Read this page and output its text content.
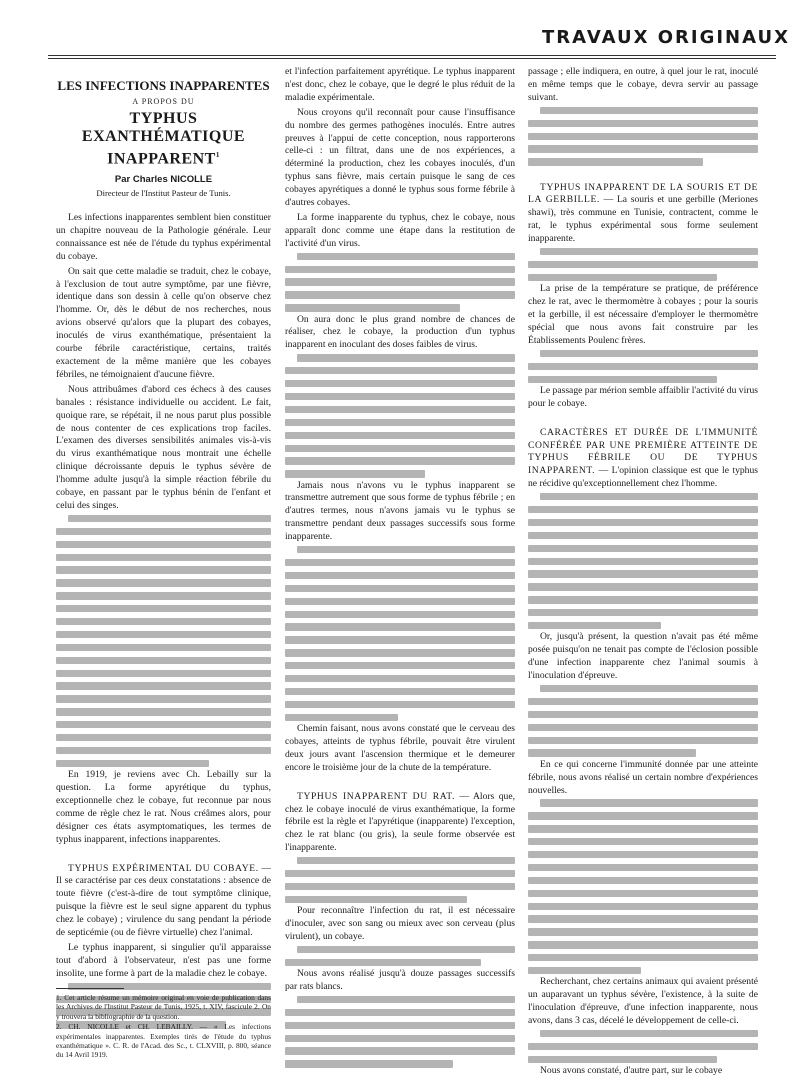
TRAVAUX ORIGINAUX
LES INFECTIONS INAPPARENTES
A PROPOS DU
TYPHUS EXANTHÉMATIQUE
INAPPARENT$^1$
Par Charles NICOLLE
Directeur de l'Institut Pasteur de Tunis.
Les infections inapparentes semblent bien constituer un chapitre nouveau de la Pathologie générale. Leur connaissance est née de l'étude du typhus expérimental du cobaye.
On sait que cette maladie se traduit, chez le cobaye, à l'exclusion de tout autre symptôme, par une fièvre, identique dans son dessin à celle qu'on observe chez l'homme. Or, dès le début de nos recherches, nous avions observé qu'alors que la plupart des cobayes, inoculés de virus exanthématique, présentaient la courbe fébrile caractéristique, certains, traités exactement de la même manière que les cobayes fébriles, ne témoignaient d'aucune fièvre.
Nous attribuâmes d'abord ces échecs à des causes banales : résistance individuelle ou accident. Le fait, quoique rare, se répétait, il ne nous parut plus possible de nous contenter de ces explications trop faciles. L'examen des diverses sensibilités animales vis-à-vis du virus exanthématique nous montrait une échelle clinique décroissante depuis le typhus sévère de l'homme adulte jusqu'à la simple réaction fébrile du cobaye, en passant par le typhus bénin de l'enfant et celui des singes.
En 1919, je reviens avec Ch. Lebailly sur la question. La forme apyrétique du typhus, exceptionnelle chez le cobaye, fut reconnue par nous comme de règle chez le rat. Nous créâmes alors, pour désigner ces états asymptomatiques, les termes de typhus inapparent, infections inapparentes.
TYPHUS EXPÉRIMENTAL DU COBAYE. — Il se caractérise par ces deux constatations : absence de toute fièvre (c'est-à-dire de tout symptôme clinique, puisque la fièvre est le seul signe apparent du typhus chez le cobaye) ; virulence du sang pendant la période de septicémie (ou de fièvre virtuelle) chez l'animal.
Le typhus inapparent, si singulier qu'il apparaisse tout d'abord à l'observateur, n'est pas une forme insolite, une forme à part de la maladie chez le cobaye.
1. Cet article résume un mémoire original en voie de publication dans les Archives de l'Institut Pasteur de Tunis, 1925, t. XIV, fascicule 2. On y trouvera la bibliographie de la question.
2. CH. NICOLLE et CH. LEBAILLY. — « Les infections expérimentales inapparentes. Exemples tirés de l'étude du typhus exanthématique ». C. R. de l'Acad. des Sc., t. CLXVIII, p. 800, séance du 14 Avril 1919.
et l'infection parfaitement apyrétique. Le typhus inapparent n'est donc, chez le cobaye, que le degré le plus réduit de la maladie expérimentale.
Nous croyons qu'il reconnaît pour cause l'insuffisance du nombre des germes pathogènes inoculés. Entre autres preuves à l'appui de cette conception, nous rapporterons celle-ci : un filtrat, dans une de nos expériences, a déterminé la production, chez les cobayes inoculés, d'un typhus sans fièvre, mais certain puisque le sang de ces cobayes apyrétiques a donné le typhus sous forme fébrile à d'autres cobayes.
La forme inapparente du typhus, chez le cobaye, nous apparaît donc comme une étape dans la restitution de l'activité d'un virus.
On aura donc le plus grand nombre de chances de réaliser, chez le cobaye, la production d'un typhus inapparent en inoculant des doses faibles de virus.
Jamais nous n'avons vu le typhus inapparent se transmettre autrement que sous forme de typhus fébrile ; en d'autres termes, nous n'avons jamais vu le typhus se transmettre pendant deux passages successifs sous forme inapparente.
Chemin faisant, nous avons constaté que le cerveau des cobayes, atteints de typhus fébrile, pouvait être virulent deux jours avant l'ascension thermique et le demeurer encore le troisième jour de la chute de la température.
TYPHUS INAPPARENT DU RAT. — Alors que, chez le cobaye inoculé de virus exanthématique, la forme fébrile est la règle et l'apyrétique (inapparente) l'exception, chez le rat blanc (ou gris), la seule forme observée est l'inapparente.
Pour reconnaître l'infection du rat, il est nécessaire d'inoculer, avec son sang ou mieux avec son cerveau (plus virulent), un cobaye.
Nous avons réalisé jusqu'à douze passages successifs par rats blancs.
passage ; elle indiquera, en outre, à quel jour le rat, inoculé en même temps que le cobaye, devra servir au passage suivant.
TYPHUS INAPPARENT DE LA SOURIS ET DE LA GERBILLE. — La souris et une gerbille (Meriones shawi), très commune en Tunisie, contractent, comme le rat, le typhus expérimental sous forme seulement inapparente.
La prise de la température se pratique, de préférence chez le rat, avec le thermomètre à cobayes ; pour la souris et la gerbille, il est nécessaire d'employer le thermomètre spécial que nous avons fait construire par les Établissements Poulenc frères.
Le passage par mérion semble affaiblir l'activité du virus pour le cobaye.
CARACTÈRES ET DURÉE DE L'IMMUNITÉ CONFÉRÉE PAR UNE PREMIÈRE ATTEINTE DE TYPHUS FÉBRILE OU DE TYPHUS INAPPARENT. — L'opinion classique est que le typhus ne récidive qu'exceptionnellement chez l'homme.
Or, jusqu'à présent, la question n'avait pas été même posée puisqu'on ne tenait pas compte de l'éclosion possible d'une infection inapparente chez l'animal soumis à l'inoculation d'épreuve.
En ce qui concerne l'immunité donnée par une atteinte fébrile, nous avons réalisé un certain nombre d'expériences nouvelles.
Recherchant, chez certains animaux qui avaient présenté un auparavant un typhus sévère, l'existence, à la suite de l'inoculation d'épreuve, d'une infection inapparente, nous avons, dans 3 cas, décelé le développement de celle-ci.
Nous avons constaté, d'autre part, sur le cobaye
